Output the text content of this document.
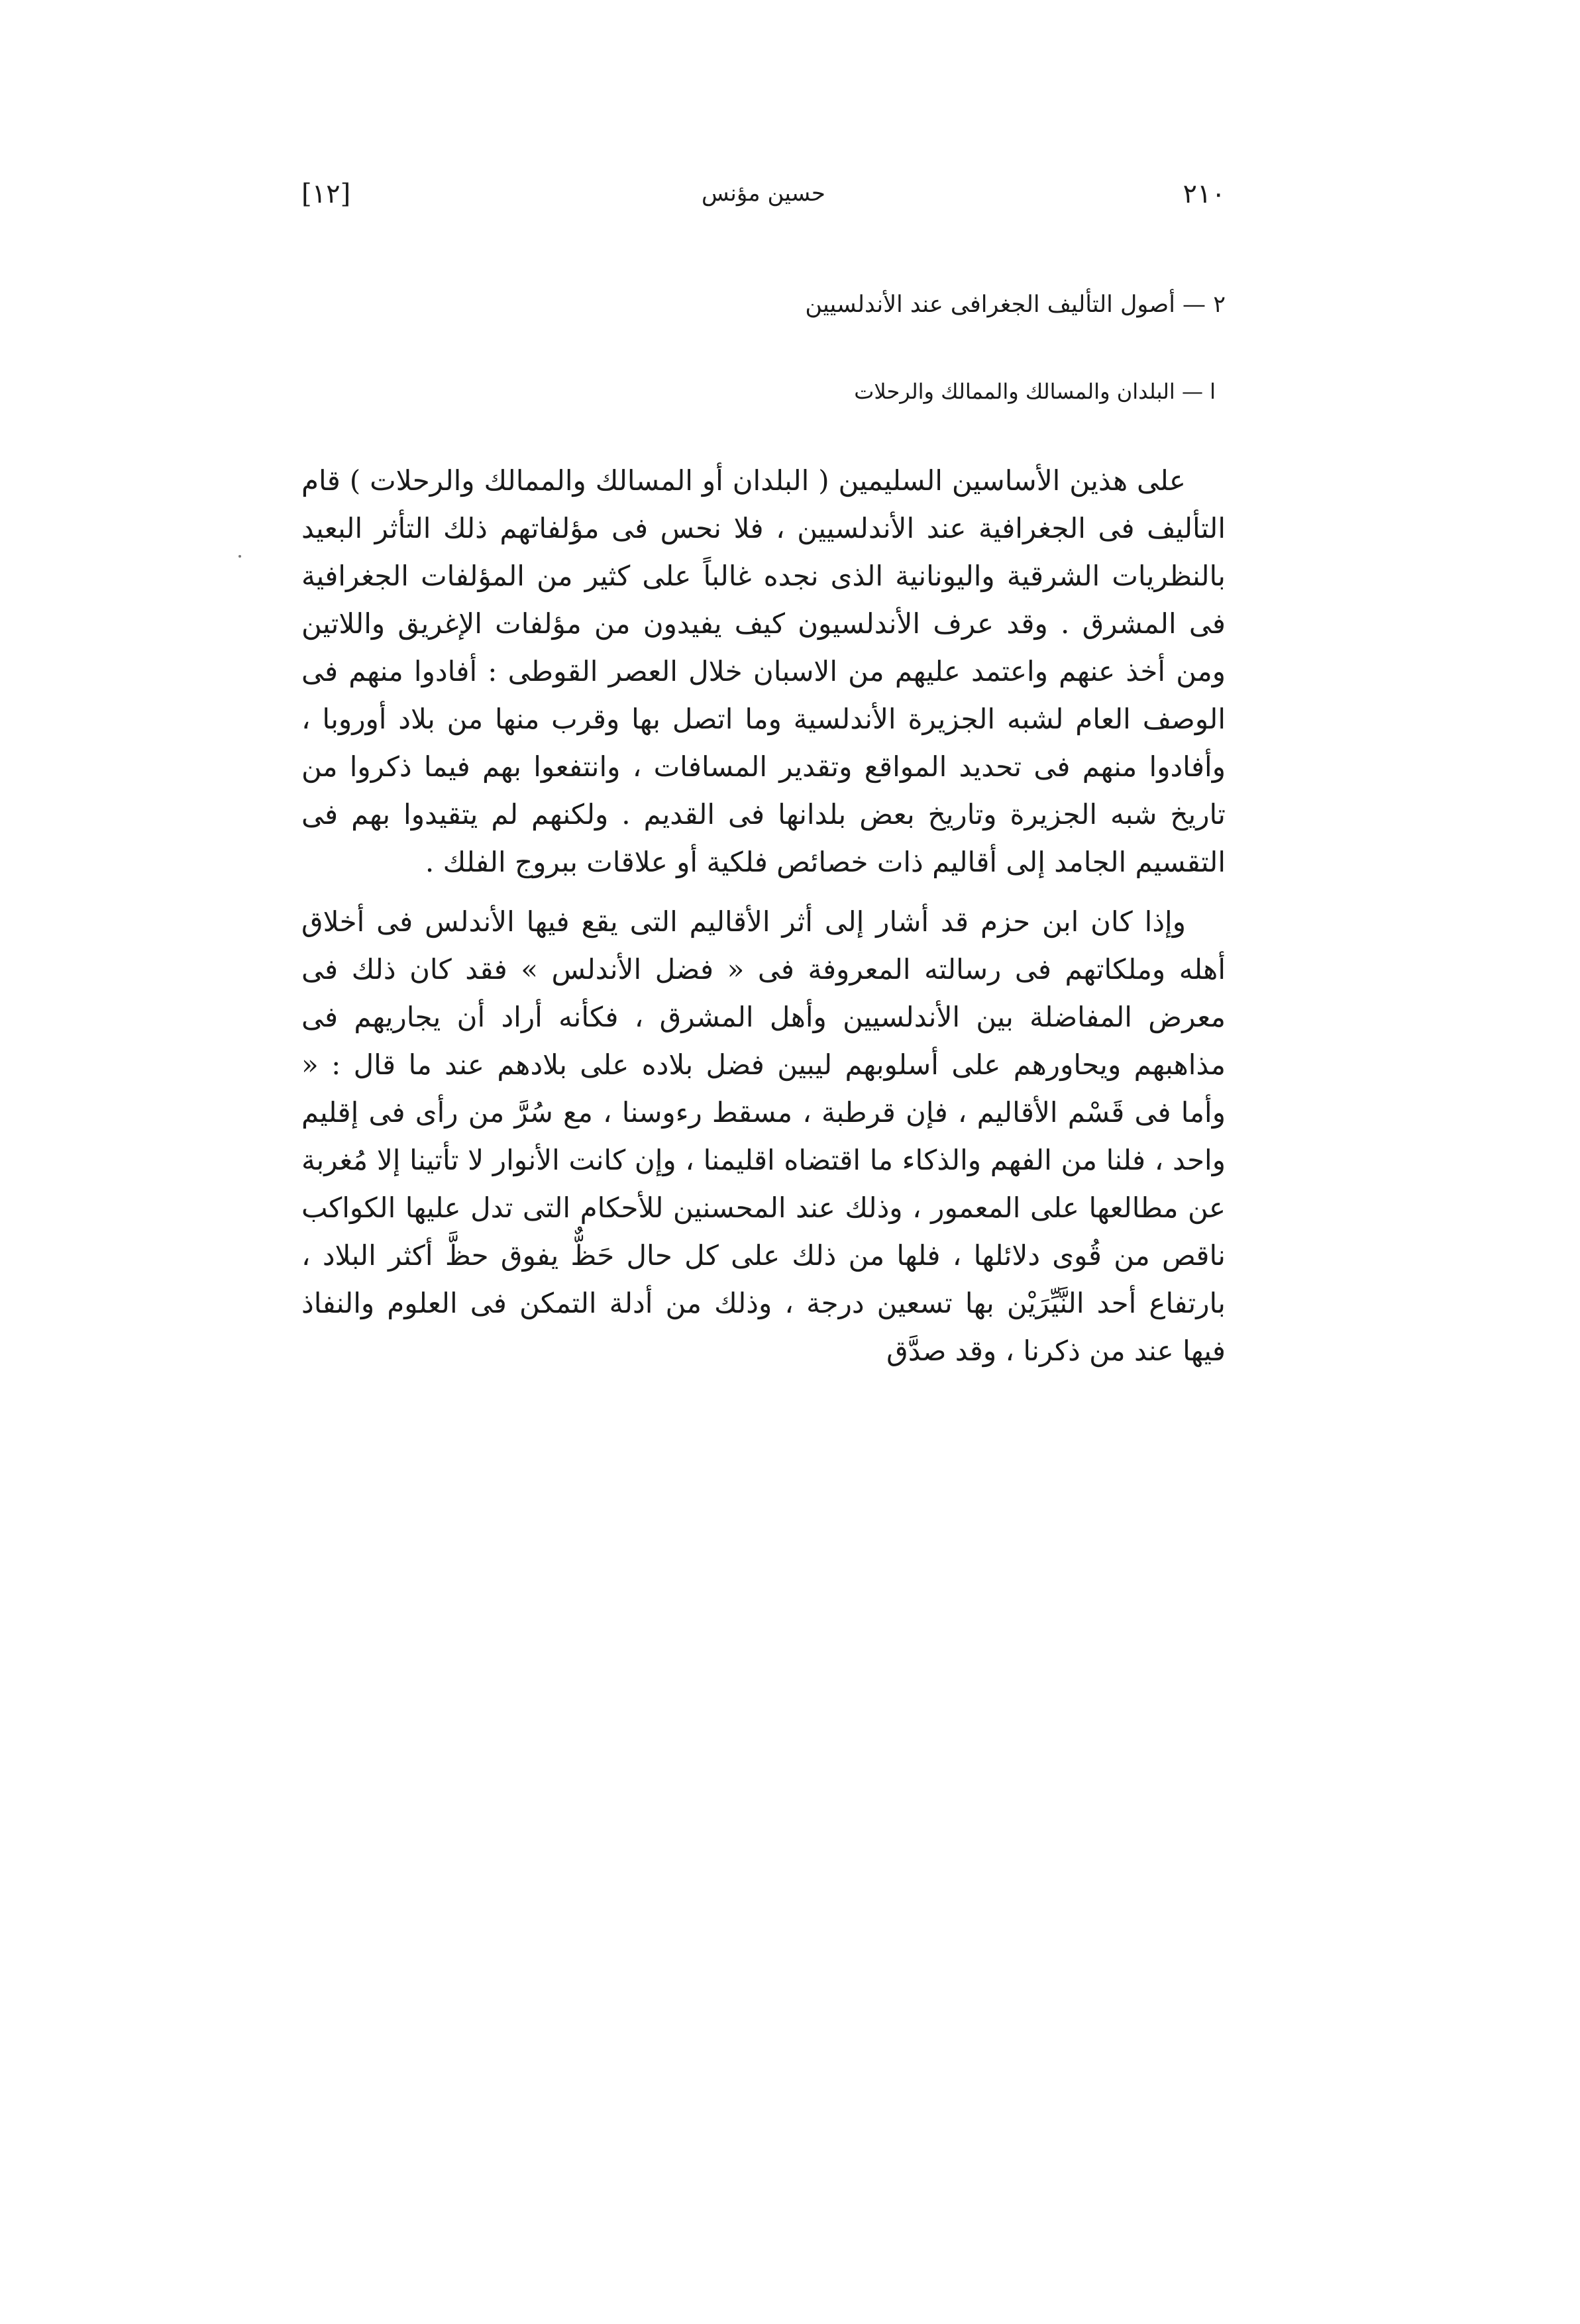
٢١٠
حسين مؤنس
[١٢]
٢ — أصول التأليف الجغرافى عند الأندلسيين
ا — البلدان والمسالك والممالك والرحلات

على هذين الأساسين السليمين ( البلدان أو المسالك والممالك والرحلات ) قام التأليف فى الجغرافية عند الأندلسيين ، فلا نحس فى مؤلفاتهم ذلك التأثر البعيد بالنظريات الشرقية واليونانية الذى نجده غالباً على كثير من المؤلفات الجغرافية فى المشرق . وقد عرف الأندلسيون كيف يفيدون من مؤلفات الإغريق واللاتين ومن أخذ عنهم واعتمد عليهم من الاسبان خلال العصر القوطى : أفادوا منهم فى الوصف العام لشبه الجزيرة الأندلسية وما اتصل بها وقرب منها من بلاد أوروبا ، وأفادوا منهم فى تحديد المواقع وتقدير المسافات ، وانتفعوا بهم فيما ذكروا من تاريخ شبه الجزيرة وتاريخ بعض بلدانها فى القديم . ولكنهم لم يتقيدوا بهم فى التقسيم الجامد إلى أقاليم ذات خصائص فلكية أو علاقات ببروج الفلك .

وإذا كان ابن حزم قد أشار إلى أثر الأقاليم التى يقع فيها الأندلس فى أخلاق أهله وملكاتهم فى رسالته المعروفة فى « فضل الأندلس » فقد كان ذلك فى معرض المفاضلة بين الأندلسيين وأهل المشرق ، فكأنه أراد أن يجاريهم فى مذاهبهم ويحاورهم على أسلوبهم ليبين فضل بلاده على بلادهم عند ما قال : « وأما فى قَسْم الأقاليم ، فإن قرطبة ، مسقط رءوسنا ، مع سُرَّ من رأى فى إقليم واحد ، فلنا من الفهم والذكاء ما اقتضاه اقليمنا ، وإن كانت الأنوار لا تأتينا إلا مُغربة عن مطالعها على المعمور ، وذلك عند المحسنين للأحكام التى تدل عليها الكواكب ناقص من قُوى دلائلها ، فلها من ذلك على كل حال حَظٌّ يفوق حظَّ أكثر البلاد ، بارتفاع أحد النَّيِّرَيْن بها تسعين درجة ، وذلك من أدلة التمكن فى العلوم والنفاذ فيها عند من ذكرنا ، وقد صدَّق
